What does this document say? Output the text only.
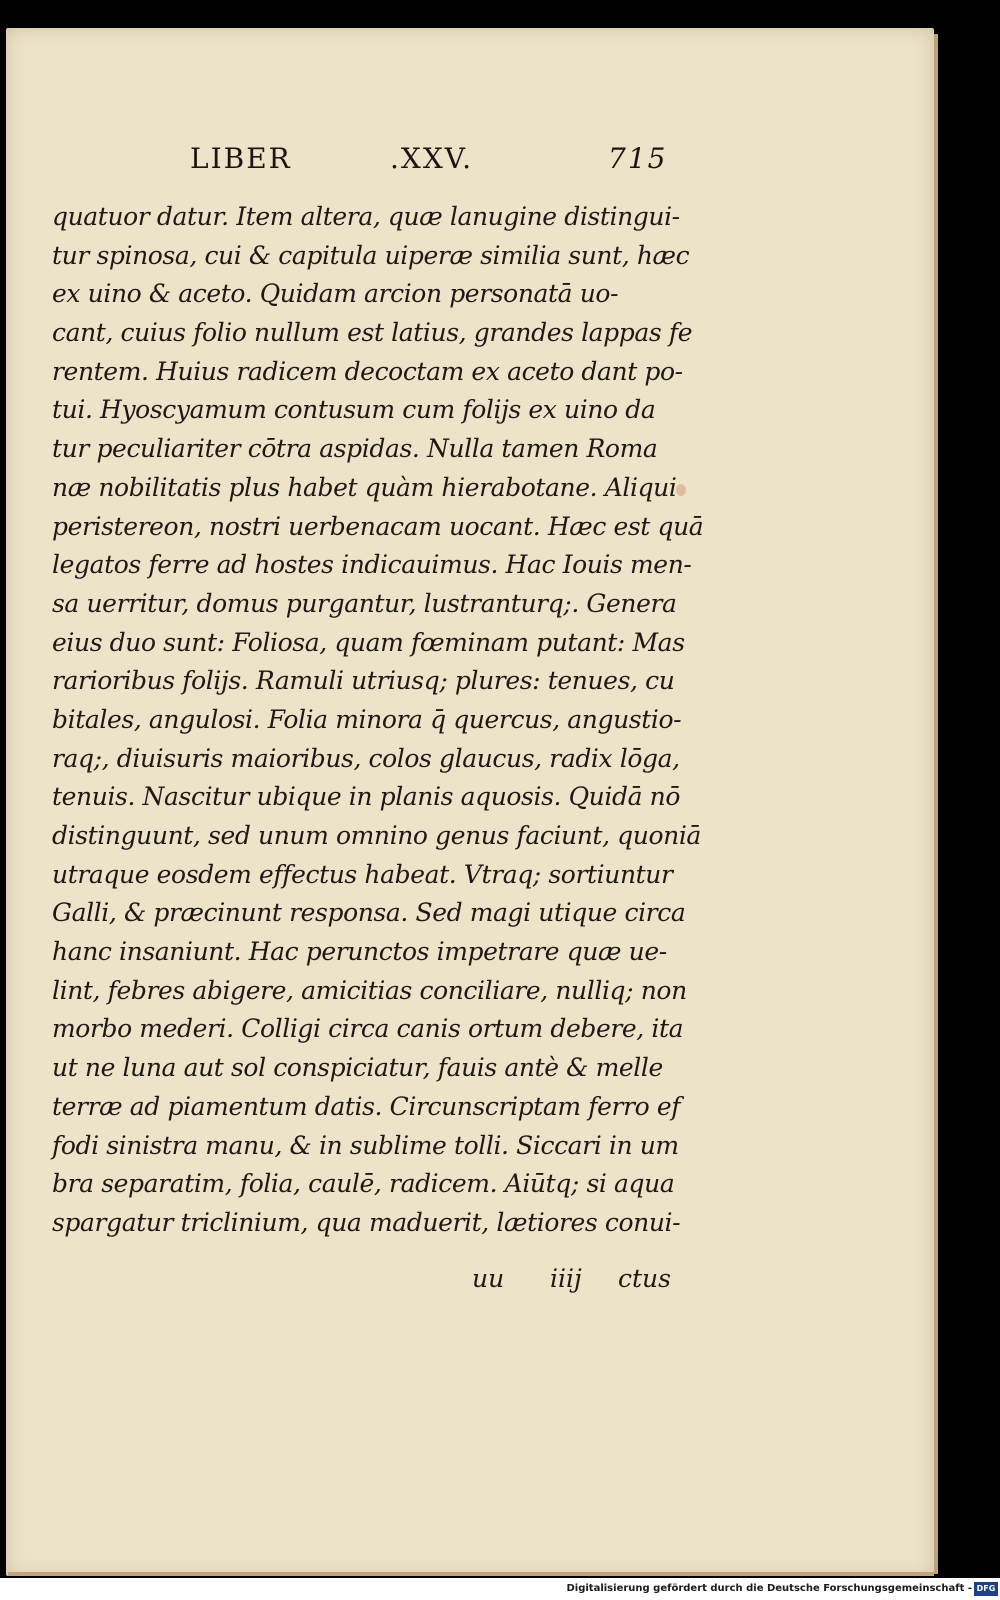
LIBER	.XXV.	715
quatuor datur. Item altera, quæ lanugine distingui-
tur spinosa, cui & capitula uiperæ similia sunt, hæc
ex uino & aceto. Quidam arcion personatā uo-
cant, cuius folio nullum est latius, grandes lappas fe
rentem. Huius radicem decoctam ex aceto dant po-
tui. Hyoscyamum contusum cum folijs ex uino da
tur peculiariter cōtra aspidas. Nulla tamen Roma
næ nobilitatis plus habet quàm hierabotane. Aliqui
peristereon, nostri uerbenacam uocant. Hæc est quā
legatos ferre ad hostes indicauimus. Hac Iouis men-
sa uerritur, domus purgantur, lustranturq;. Genera
eius duo sunt: Foliosa, quam fœminam putant: Mas
rarioribus folijs. Ramuli utriusq; plures: tenues, cu
bitales, angulosi. Folia minora q̄ quercus, angustio-
raq;, diuisuris maioribus, colos glaucus, radix lōga,
tenuis. Nascitur ubique in planis aquosis. Quidā nō
distinguunt, sed unum omnino genus faciunt, quoniā
utraque eosdem effectus habeat. Vtraq; sortiuntur
Galli, & præcinunt responsa. Sed magi utique circa
hanc insaniunt. Hac perunctos impetrare quæ ue-
lint, febres abigere, amicitias conciliare, nulliq; non
morbo mederi. Colligi circa canis ortum debere, ita
ut ne luna aut sol conspiciatur, fauis antè & melle
terræ ad piamentum datis. Circunscriptam ferro ef
fodi sinistra manu, & in sublime tolli. Siccari in um
bra separatim, folia, caulē, radicem. Aiūtq; si aqua
spargatur triclinium, qua maduerit, lætiores conui-
uu iiij ctus
Digitalisierung gefördert durch die Deutsche Forschungsgemeinschaft - DFG
